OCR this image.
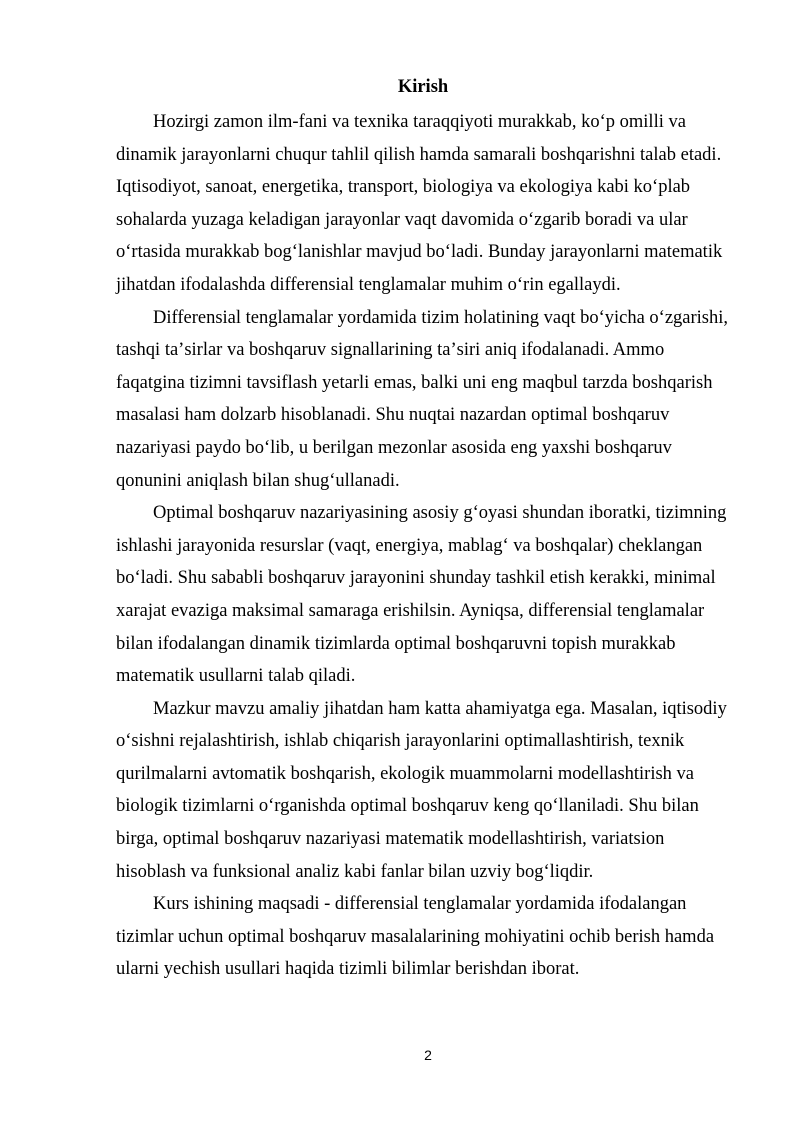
Kirish

Hozirgi zamon ilm-fani va texnika taraqqiyoti murakkab, koʻp omilli va
dinamik jarayonlarni chuqur tahlil qilish hamda samarali boshqarishni talab etadi.
Iqtisodiyot, sanoat, energetika, transport, biologiya va ekologiya kabi koʻplab
sohalarda yuzaga keladigan jarayonlar vaqt davomida oʻzgarib boradi va ular
oʻrtasida murakkab bogʻlanishlar mavjud boʻladi. Bunday jarayonlarni matematik
jihatdan ifodalashda differensial tenglamalar muhim oʻrin egallaydi.

Differensial tenglamalar yordamida tizim holatining vaqt boʻyicha oʻzgarishi,
tashqi taʼsirlar va boshqaruv signallarining taʼsiri aniq ifodalanadi. Ammo
faqatgina tizimni tavsiflash yetarli emas, balki uni eng maqbul tarzda boshqarish
masalasi ham dolzarb hisoblanadi. Shu nuqtai nazardan optimal boshqaruv
nazariyasi paydo boʻlib, u berilgan mezonlar asosida eng yaxshi boshqaruv
qonunini aniqlash bilan shugʻullanadi.

Optimal boshqaruv nazariyasining asosiy gʻoyasi shundan iboratki, tizimning
ishlashi jarayonida resurslar (vaqt, energiya, mablagʻ va boshqalar) cheklangan
boʻladi. Shu sababli boshqaruv jarayonini shunday tashkil etish kerakki, minimal
xarajat evaziga maksimal samaraga erishilsin. Ayniqsa, differensial tenglamalar
bilan ifodalangan dinamik tizimlarda optimal boshqaruvni topish murakkab
matematik usullarni talab qiladi.

Mazkur mavzu amaliy jihatdan ham katta ahamiyatga ega. Masalan, iqtisodiy
oʻsishni rejalashtirish, ishlab chiqarish jarayonlarini optimallashtirish, texnik
qurilmalarni avtomatik boshqarish, ekologik muammolarni modellashtirish va
biologik tizimlarni oʻrganishda optimal boshqaruv keng qoʻllaniladi. Shu bilan
birga, optimal boshqaruv nazariyasi matematik modellashtirish, variatsion
hisoblash va funksional analiz kabi fanlar bilan uzviy bogʻliqdir.

Kurs ishining maqsadi - differensial tenglamalar yordamida ifodalangan
tizimlar uchun optimal boshqaruv masalalarining mohiyatini ochib berish hamda
ularni yechish usullari haqida tizimli bilimlar berishdan iborat.

2
